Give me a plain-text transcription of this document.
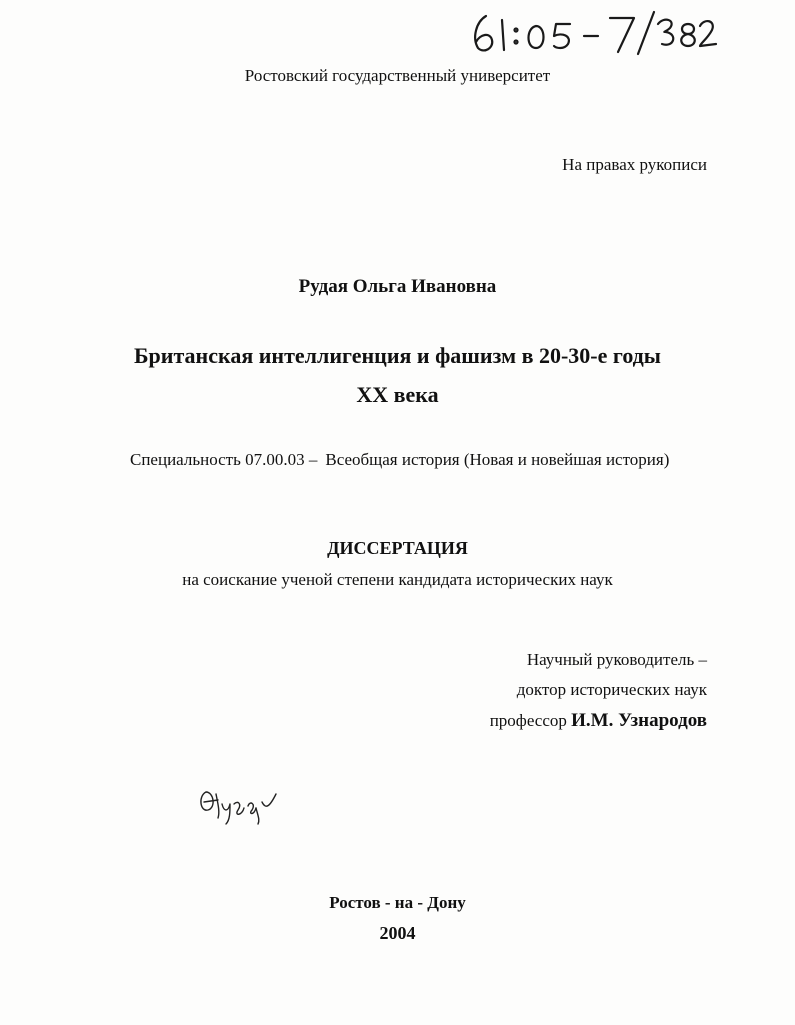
Ростовский государственный университет
На правах рукописи
Рудая Ольга Ивановна
Британская интеллигенция и фашизм в 20-30-е годы
XX века
Специальность 07.00.03 – Всеобщая история (Новая и новейшая история)
ДИССЕРТАЦИЯ
на соискание ученой степени кандидата исторических наук
Научный руководитель –
доктор исторических наук
профессор И.М. Узнародов
Ростов - на - Дону
2004
